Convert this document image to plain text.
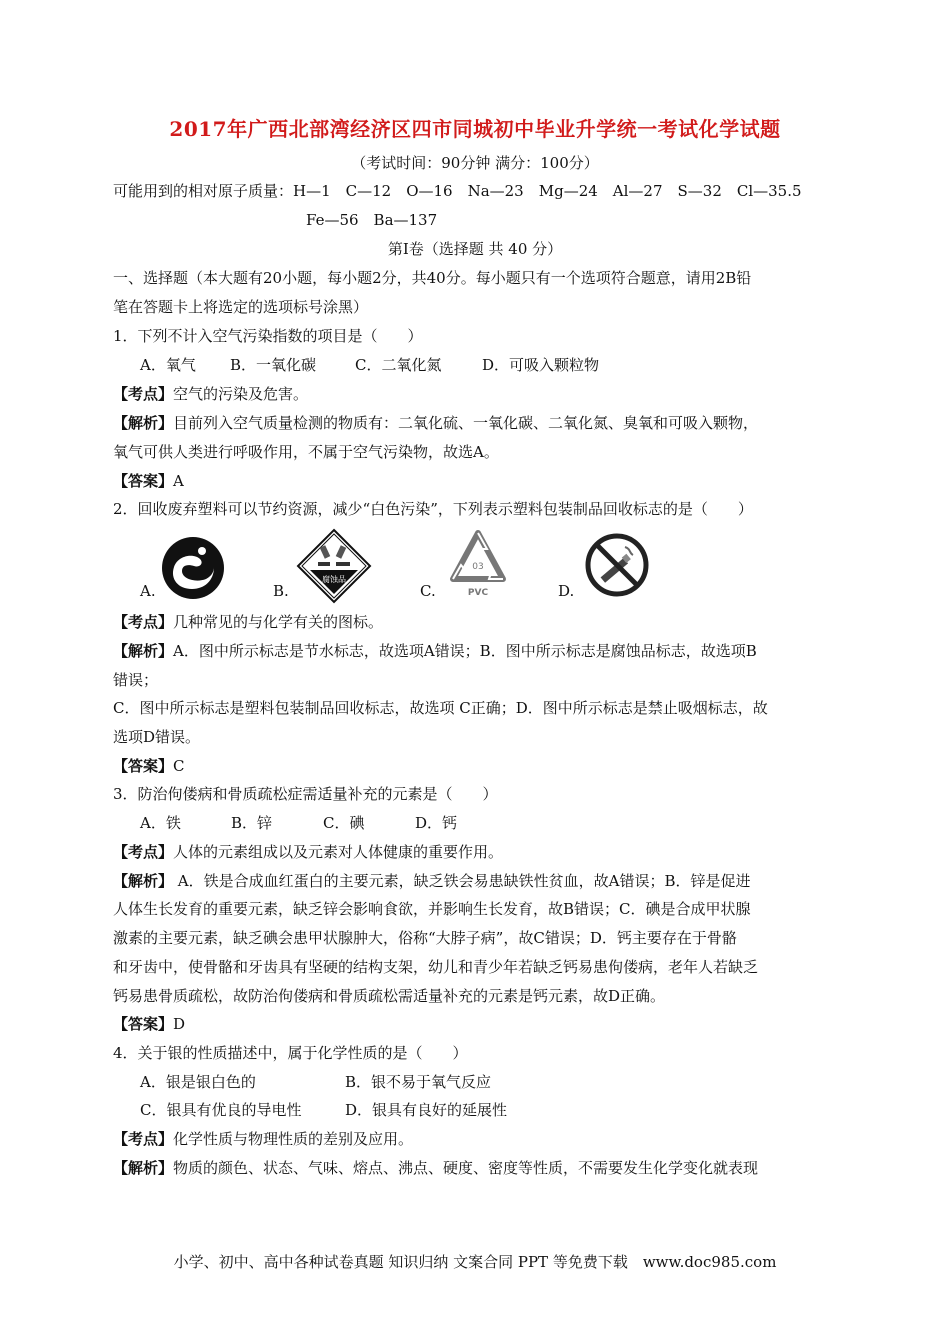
2017年广西北部湾经济区四市同城初中毕业升学统一考试化学试题
（考试时间：90分钟 满分：100分）
可能用到的相对原子质量：H—1　C—12　O—16　Na—23　Mg—24　Al—27　S—32　Cl—35.5
Fe—56　Ba—137
第Ⅰ卷（选择题 共 40 分）
一、选择题（本大题有20小题，每小题2分，共40分。每小题只有一个选项符合题意，请用2B铅
笔在答题卡上将选定的选项标号涂黑）
1．下列不计入空气污染指数的项目是（　　）
A．氧气 B．一氧化碳	C．二氧化氮	D．可吸入颗粒物
【考点】空气的污染及危害。
【解析】目前列入空气质量检测的物质有：二氧化硫、一氧化碳、二氧化氮、臭氧和可吸入颗物，
氧气可供人类进行呼吸作用，不属于空气污染物，故选A。
【答案】A
2．回收废弃塑料可以节约资源，减少“白色污染”，下列表示塑料包装制品回收标志的是（　　）
A.	B.
腐蚀品
C.
03
PVC	D.
【考点】几种常见的与化学有关的图标。
【解析】A．图中所示标志是节水标志，故选项A错误；B．图中所示标志是腐蚀品标志，故选项B
错误；
C．图中所示标志是塑料包装制品回收标志，故选项 C正确；D．图中所示标志是禁止吸烟标志，故
选项D错误。
【答案】C
3．防治佝偻病和骨质疏松症需适量补充的元素是（　　）
A．铁	B．锌	C．碘	D．钙
【考点】人体的元素组成以及元素对人体健康的重要作用。
【解析】 A．铁是合成血红蛋白的主要元素，缺乏铁会易患缺铁性贫血，故A错误；B．锌是促进
人体生长发育的重要元素，缺乏锌会影响食欲，并影响生长发育，故B错误；C．碘是合成甲状腺
激素的主要元素，缺乏碘会患甲状腺肿大，俗称“大脖子病”，故C错误；D．钙主要存在于骨骼
和牙齿中，使骨骼和牙齿具有坚硬的结构支架，幼儿和青少年若缺乏钙易患佝偻病，老年人若缺乏
钙易患骨质疏松，故防治佝偻病和骨质疏松需适量补充的元素是钙元素，故D正确。
【答案】D
4．关于银的性质描述中，属于化学性质的是（　　）
A．银是银白色的	B．银不易于氧气反应
C．银具有优良的导电性	D．银具有良好的延展性
【考点】化学性质与物理性质的差别及应用。
【解析】物质的颜色、状态、气味、熔点、沸点、硬度、密度等性质，不需要发生化学变化就表现
小学、初中、高中各种试卷真题 知识归纳 文案合同 PPT 等免费下载　www.doc985.com
